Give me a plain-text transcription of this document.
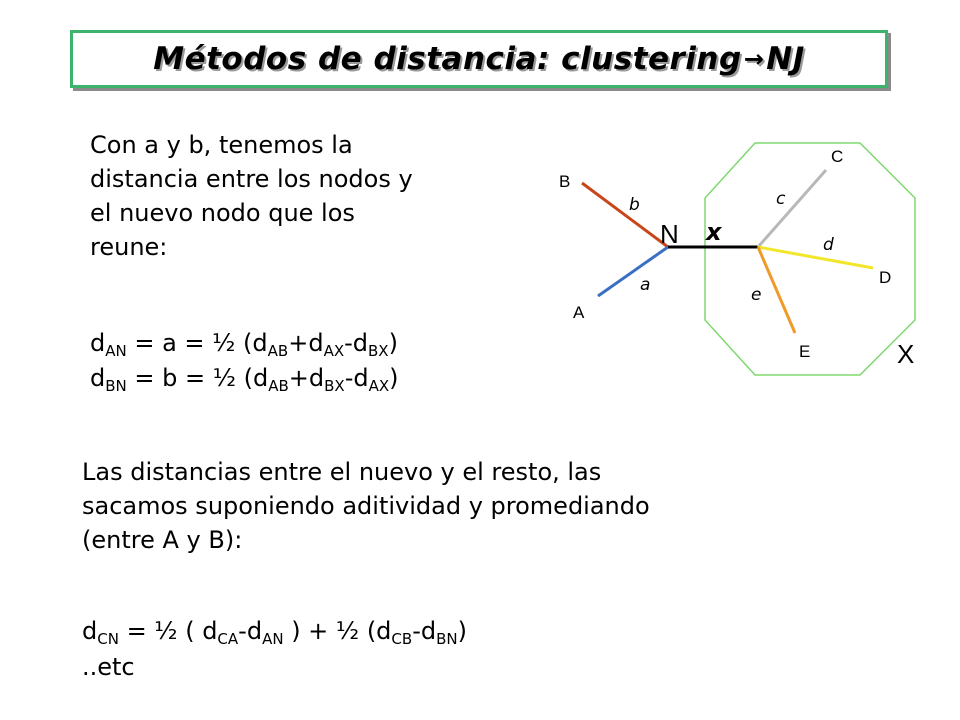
Métodos de distancia: clustering→NJ
Con a y b, tenemos la
distancia entre los nodos y
el nuevo nodo que los
reune:
$d_{AN} = a$ = ½ $(d_{AB}+d_{AX}-d_{BX})$
$d_{BN} = b$ = ½ $(d_{AB}+d_{BX}-d_{AX})$
Las distancias entre el nuevo y el resto, las
sacamos suponiendo aditividad y promediando
(entre A y B):
$d_{CN}$ = ½ ( $d_{CA}-d_{AN}$ ) + ½ $(d_{CB}-d_{BN})$
..etc
B
A
C
D
E
b
a
c
d
e
x
N
X
